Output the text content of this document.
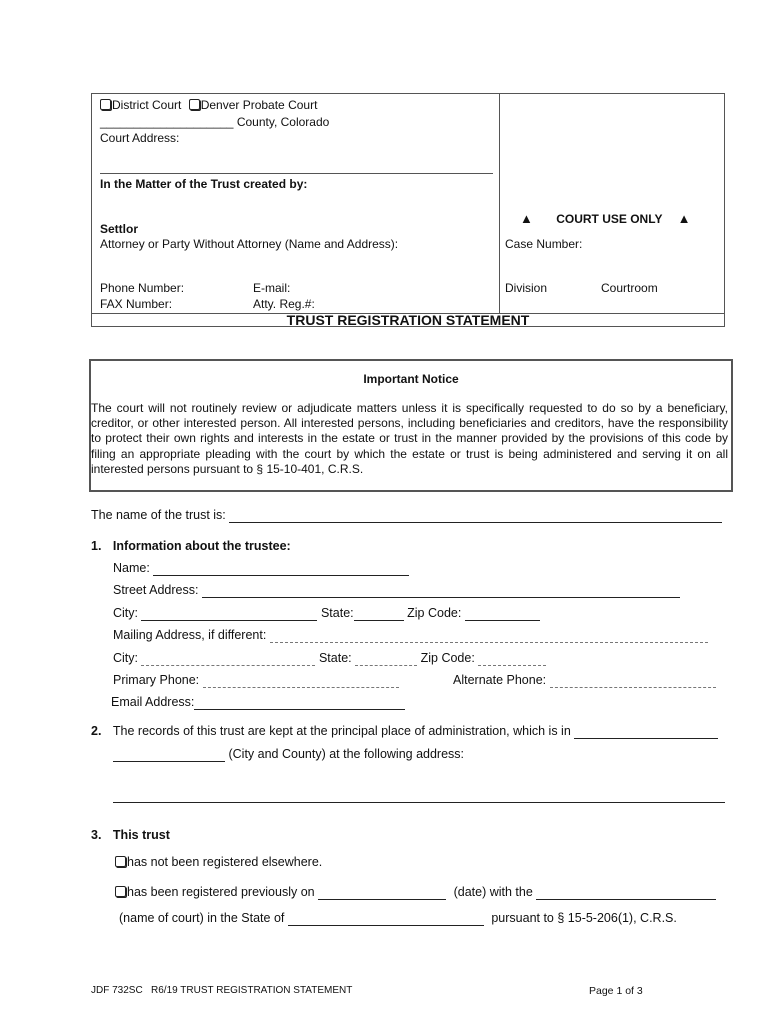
District Court Denver Probate Court
____________________ County, Colorado
Court Address:
In the Matter of the Trust created by:
Settlor
Attorney or Party Without Attorney (Name and Address):
Phone Number:	E-mail:
FAX Number:	Atty. Reg.#:
▲ COURT USE ONLY ▲
Case Number:
Division	Courtroom
TRUST REGISTRATION STATEMENT
Important Notice
The court will not routinely review or adjudicate matters unless it is specifically requested to do so by a beneficiary, creditor, or other interested person. All interested persons, including beneficiaries and creditors, have the responsibility to protect their own rights and interests in the estate or trust in the manner provided by the provisions of this code by filing an appropriate pleading with the court by which the estate or trust is being administered and serving it on all interested persons pursuant to § 15-10-401, C.R.S.
The name of the trust is:
1. Information about the trustee:
Name:
Street Address:
City:	State:	Zip Code:
Mailing Address, if different:
City:	State:	Zip Code:
Primary Phone:	Alternate Phone:
Email Address:
2. The records of this trust are kept at the principal place of administration, which is in
(City and County) at the following address:
3. This trust
has not been registered elsewhere.
has been registered previously on	(date) with the
(name of court) in the State of	pursuant to § 15-5-206(1), C.R.S.
JDF 732SC   R6/19 TRUST REGISTRATION STATEMENT	Page 1 of 3
